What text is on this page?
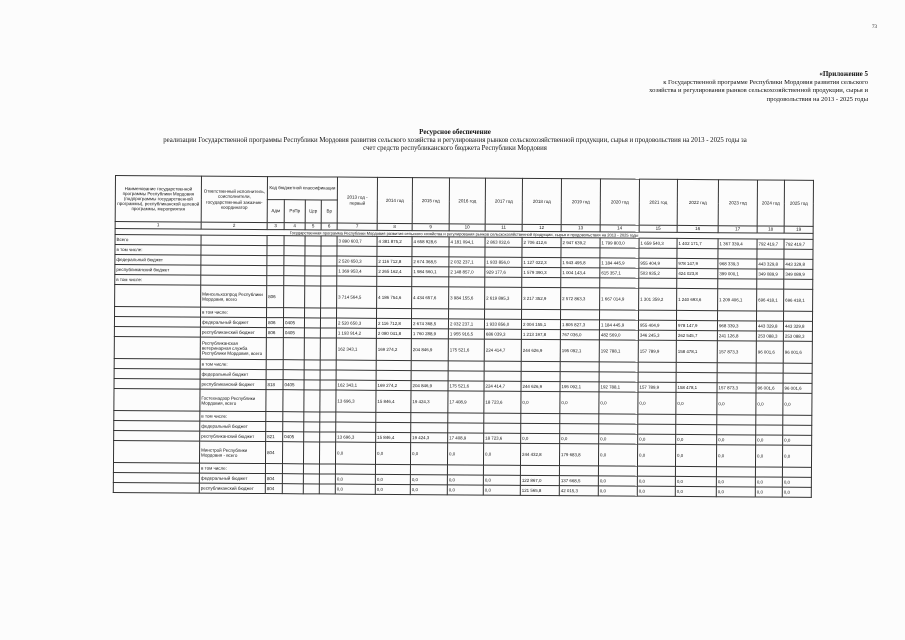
73
«Приложение 5
к Государственной программе Республики Мордовия развития сельского
хозяйства и регулирования рынков сельскохозяйственной продукции, сырья и
продовольствия на 2013 - 2025 годы
Ресурсное обеспечение
реализации Государственной программы Республики Мордовия развития сельского хозяйства и регулирования рынков сельскохозяйственной продукции, сырья и продовольствия на 2013 - 2025 годы за
счет средств республиканского бюджета Республики Мордовия
Наименование государственной программы Республики Мордовия (подпрограммы государственной программы), республиканской целевой программы, мероприятия	Ответственный исполнитель, соисполнители, государственный заказчик-координатор	Код бюджетной классификации				2013 год - первый	2014 год	2015 год	2016 год	2017 год	2018 год	2019 год	2020 год	2021 год	2022 год	2023 год	2024 год	2025 год
		Адм	РзПр	Цср	Вр													
1	2	3	4	5	6	7	8	9	10	11	12	13	14	15	16	17	18	19
Государственная программа Республики Мордовия развития сельского хозяйства и регулирования рынков сельскохозяйственной продукции, сырья и продовольствия на 2013 - 2025 годы																		
Всего						3 890 603,7	4 381 875,2	4 658 928,6	4 181 094,1	2 863 032,6	2 706 412,6	2 947 639,2	1 799 803,0	1 659 540,3	1 402 171,7	1 367 339,4	792 419,7	792 419,7
в том числе:																		
федеральный бюджет						2 520 650,3	2 116 712,8	2 674 368,5	2 032 237,1	1 933 856,0	1 127 022,3	1 943 495,8	1 184 445,9	955 404,9	978 147,9	968 339,3	443 329,8	443 329,8
республиканский бюджет						1 369 953,4	2 265 162,4	1 984 560,1	2 148 857,0	929 177,6	1 579 390,3	1 004 143,4	615 357,1	503 935,2	424 023,8	399 000,1	349 089,9	349 089,9
в том числе:																		
	Минсельхозпрод Республики Мордовия, всего	806				3 714 564,5	4 186 754,6	4 434 657,6	3 984 155,6	2 619 895,3	3 217 352,9	2 572 863,3	1 667 014,9	1 301 359,2	1 240 693,6	1 209 406,1	696 418,1	696 418,1
	в том числе:																	
	федеральный бюджет	806	0405			2 520 650,3	2 116 712,8	2 674 368,5	2 032 237,1	1 933 856,0	2 004 155,1	1 805 827,3	1 184 445,9	955 404,9	978 147,9	968 339,3	443 329,8	443 329,8
	республиканский бюджет	806	0405			1 193 914,2	2 080 041,8	1 760 288,9	1 955 916,5	686 039,3	1 213 197,8	767 036,0	482 569,0	346 245,3	262 545,7	241 126,8	253 088,3	253 088,3
	Республиканская ветеринарная служба Республики Мордовия, всего					162 343,1	169 274,2	204 846,9	175 521,6	224 414,7	244 626,9	195 092,1	192 788,1	157 789,9	158 478,1	157 873,3	96 001,6	96 001,6
	в том числе:																	
	федеральный бюджет																	
	республиканский бюджет	818	0405			162 343,1	169 274,2	204 846,9	175 521,6	224 414,7	244 626,9	195 092,1	192 788,1	157 789,9	158 478,1	157 873,3	96 001,6	96 001,6
	Гостехнадзор Республики Мордовия, всего					13 696,3	15 846,4	19 424,3	17 408,9	18 723,6	0,0	0,0	0,0	0,0	0,0	0,0	0,0	0,0
	в том числе:																	
	федеральный бюджет																	
	республиканский бюджет	821	0405			13 696,3	15 846,4	19 424,3	17 408,9	18 723,6	0,0	0,0	0,0	0,0	0,0	0,0	0,0	0,0
	Минстрой Республики Мордовия - всего	804				0,0	0,0	0,0	0,0	0,0	244 432,8	179 683,8	0,0	0,0	0,0	0,0	0,0	0,0
	в том числе:																	
	федеральный бюджет	804				0,0	0,0	0,0	0,0	0,0	122 867,0	137 668,5	0,0	0,0	0,0	0,0	0,0	0,0
	республиканский бюджет	804				0,0	0,0	0,0	0,0	0,0	121 565,8	42 015,3	0,0	0,0	0,0	0,0	0,0	0,0
